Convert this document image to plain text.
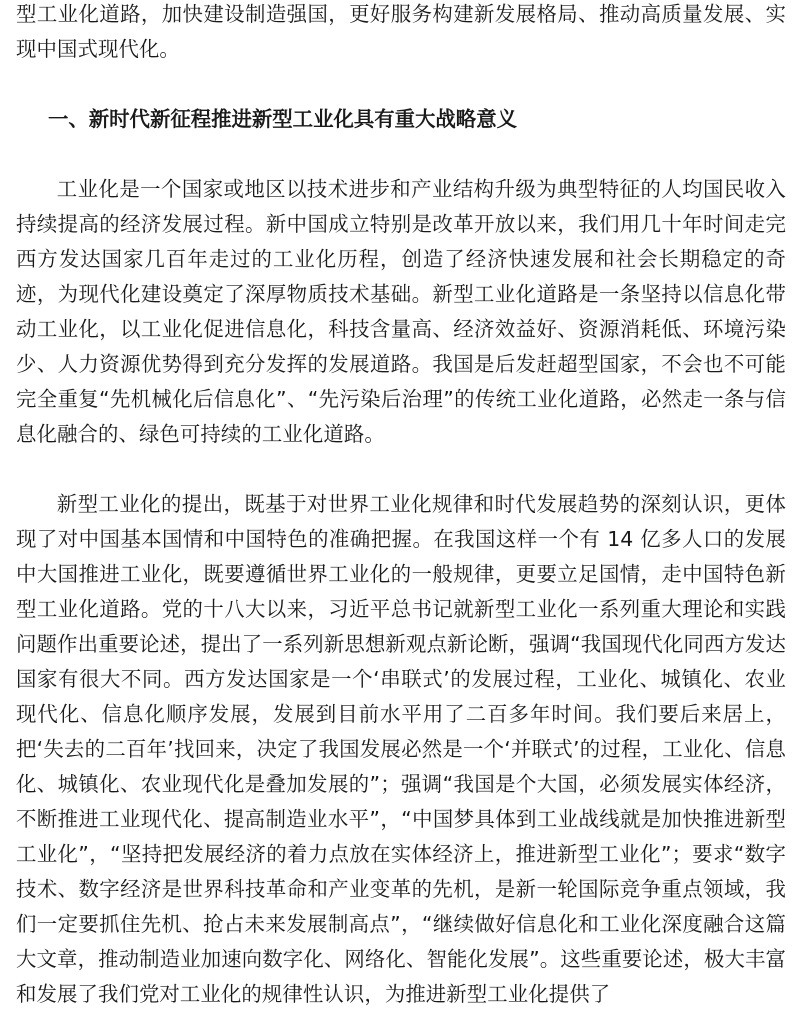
型工业化道路，加快建设制造强国，更好服务构建新发展格局、推动高质量发展、实现中国式现代化。

一、新时代新征程推进新型工业化具有重大战略意义

工业化是一个国家或地区以技术进步和产业结构升级为典型特征的人均国民收入持续提高的经济发展过程。新中国成立特别是改革开放以来，我们用几十年时间走完西方发达国家几百年走过的工业化历程，创造了经济快速发展和社会长期稳定的奇迹，为现代化建设奠定了深厚物质技术基础。新型工业化道路是一条坚持以信息化带动工业化，以工业化促进信息化，科技含量高、经济效益好、资源消耗低、环境污染少、人力资源优势得到充分发挥的发展道路。我国是后发赶超型国家，不会也不可能完全重复“先机械化后信息化”、“先污染后治理”的传统工业化道路，必然走一条与信息化融合的、绿色可持续的工业化道路。

新型工业化的提出，既基于对世界工业化规律和时代发展趋势的深刻认识，更体现了对中国基本国情和中国特色的准确把握。在我国这样一个有 14 亿多人口的发展中大国推进工业化，既要遵循世界工业化的一般规律，更要立足国情，走中国特色新型工业化道路。党的十八大以来，习近平总书记就新型工业化一系列重大理论和实践问题作出重要论述，提出了一系列新思想新观点新论断，强调“我国现代化同西方发达国家有很大不同。西方发达国家是一个‘串联式’的发展过程，工业化、城镇化、农业现代化、信息化顺序发展，发展到目前水平用了二百多年时间。我们要后来居上，把‘失去的二百年’找回来，决定了我国发展必然是一个‘并联式’的过程，工业化、信息化、城镇化、农业现代化是叠加发展的”；强调“我国是个大国，必须发展实体经济，不断推进工业现代化、提高制造业水平”，“中国梦具体到工业战线就是加快推进新型工业化”，“坚持把发展经济的着力点放在实体经济上，推进新型工业化”；要求“数字技术、数字经济是世界科技革命和产业变革的先机，是新一轮国际竞争重点领域，我们一定要抓住先机、抢占未来发展制高点”，“继续做好信息化和工业化深度融合这篇大文章，推动制造业加速向数字化、网络化、智能化发展”。这些重要论述，极大丰富和发展了我们党对工业化的规律性认识，为推进新型工业化提供了
